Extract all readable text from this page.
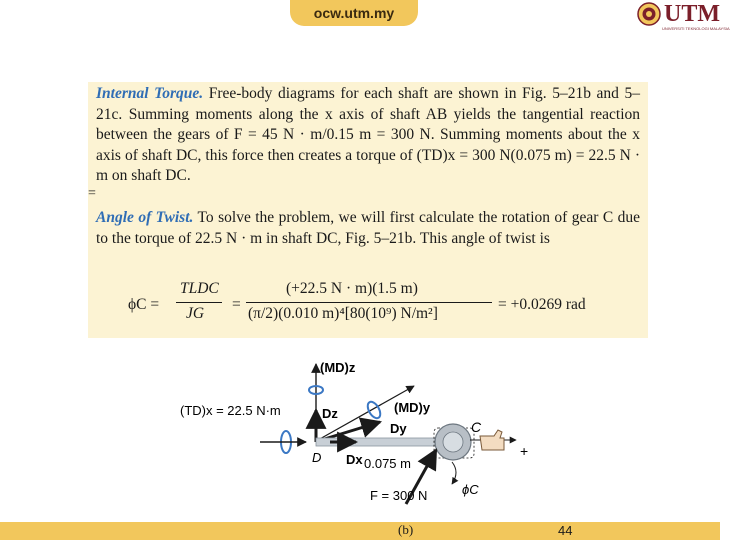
ocw.utm.my	UTM
UNIVERSITI TEKNOLOGI MALAYSIA
Internal Torque. Free-body diagrams for each shaft are shown in Fig. 5–21b and 5–21c. Summing moments along the x axis of shaft AB yields the tangential reaction between the gears of F = 45 N · m/0.15 m = 300 N. Summing moments about the x axis of shaft DC, this force then creates a torque of (TD)x = 300 N(0.075 m) = 22.5 N · m on shaft DC.
Angle of Twist. To solve the problem, we will first calculate the rotation of gear C due to the torque of 22.5 N · m in shaft DC, Fig. 5–21b. This angle of twist is
ϕC =
TLDC
JG
=
(+22.5 N · m)(1.5 m)
(π/2)(0.010 m)⁴[80(10⁹) N/m²]
= +0.0269 rad
=
(MD)z
(TD)x = 22.5 N·m	Dz	(MD)y
Dy	C
D Dx 0.075 m
+
ϕC
F = 300 N
(b)	44
